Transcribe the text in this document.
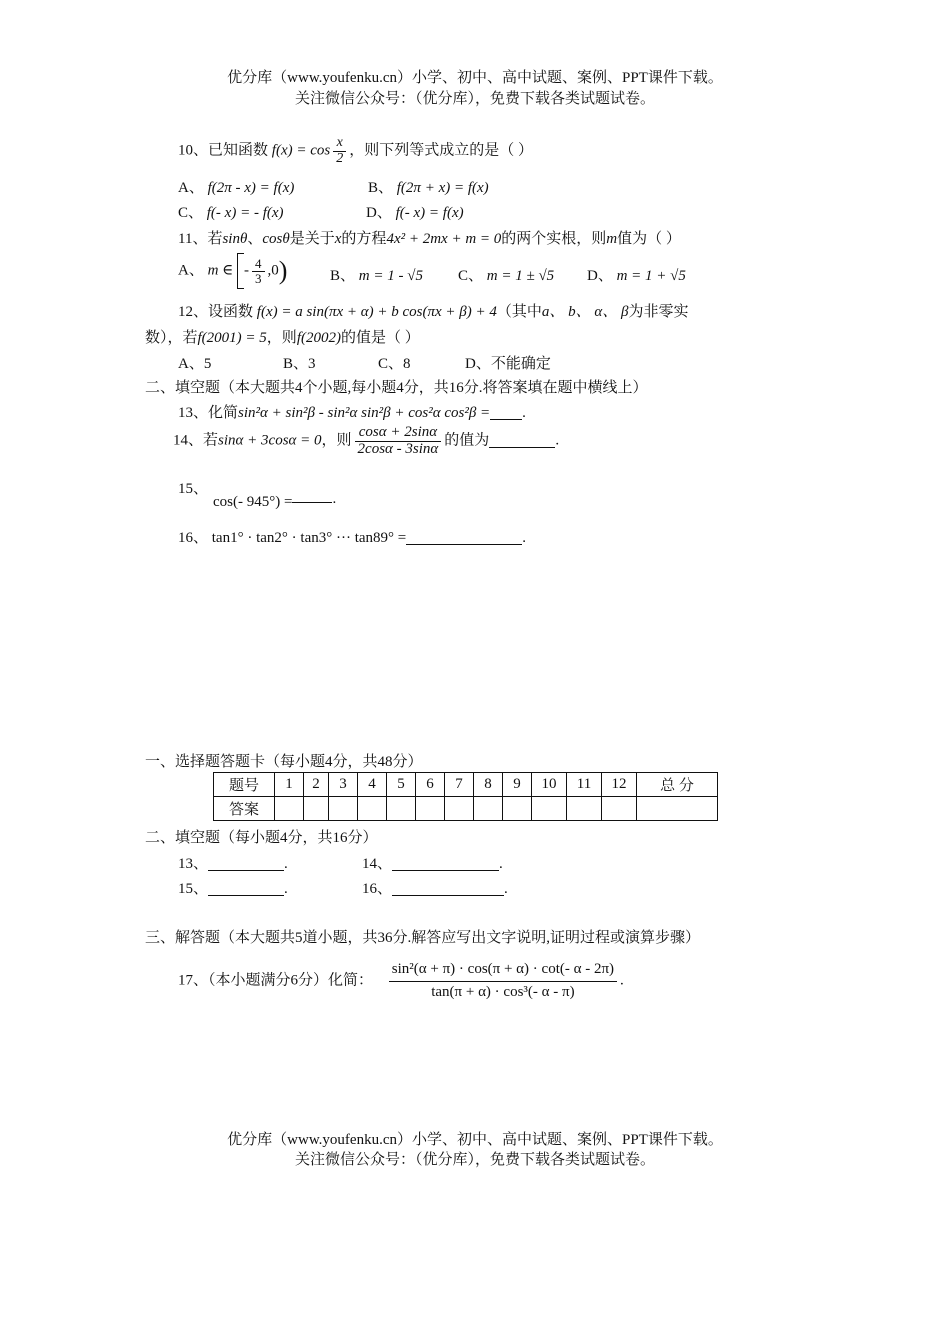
优分库（www.youfenku.cn）小学、初中、高中试题、案例、PPT课件下载。
关注微信公众号：（优分库），免费下载各类试题试卷。
10、已知函数 $f(x) = \cos \frac{x}{2}$ ，则下列等式成立的是（ ）
A、 f(2π - x) = f(x)	B、 f(2π + x) = f(x)
C、 f(- x) = - f(x)	D、 f(- x) = f(x)
11、若sinθ、cosθ是关于x的方程4x² + 2mx + m = 0的两个实根，则m值为（ ）
A、 m ∈ - $\frac{4}{3} ,0$)	B、 m = 1 - √5 C、 m = 1 ± √5 D、 m = 1 + √5
12、设函数 f(x) = a sin(πx + α) + b cos(πx + β) + 4（其中a、 b、 α、 β为非零实
数），若f(2001) = 5，则f(2002)的值是（ ）
A、5	B、3	C、8	D、不能确定
二、填空题（本大题共4个小题,每小题4分，共16分.将答案填在题中横线上）
13、化简sin²α + sin²β - sin²α sin²β + cos²α cos²β = .
14、若sinα + 3cosα = 0，则 $\frac{\cos\alpha + 2\sin\alpha}{2\cos\alpha - 3\sin\alpha}$ 的值为	.
15、
cos(- 945°) =	.
16、 tan1° · tan2° · tan3° ··· tan89° =	.
一、选择题答题卡（每小题4分，共48分）
题号	1	2	3	4	5	6	7	8	9	10	11	12	总 分
答案													
二、填空题（每小题4分，共16分）
13、	.	14、	.
15、	.	16、	.
三、解答题（本大题共5道小题，共36分.解答应写出文字说明,证明过程或演算步骤）
17、（本小题满分6分）化简： $\frac{\text{sin²(α + π) · cos(π + α) · cot(- α - 2π)}}{\text{tan(π + α) · cos³(- α - π)}}$ .
优分库（www.youfenku.cn）小学、初中、高中试题、案例、PPT课件下载。
关注微信公众号：（优分库），免费下载各类试题试卷。
